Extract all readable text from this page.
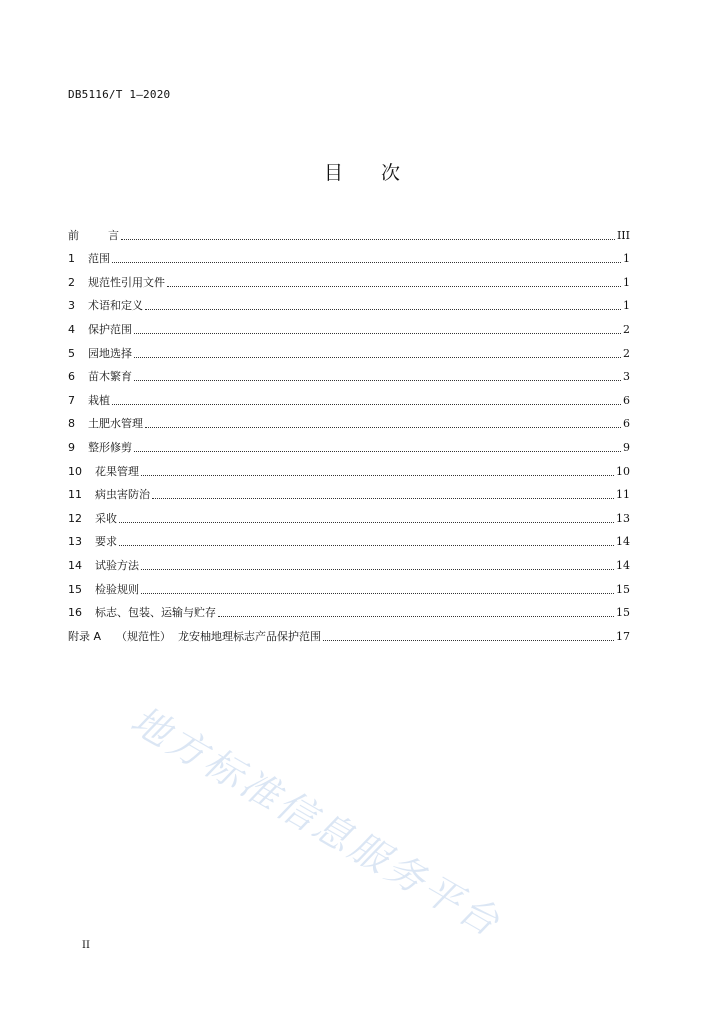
DB5116/T 1—2020
目 次
前	言	III
1	范围	1
2	规范性引用文件	1
3	术语和定义	1
4	保护范围	2
5	园地选择	2
6	苗木繁育	3
7	栽植	6
8	土肥水管理	6
9	整形修剪	9
10	花果管理	10
11	病虫害防治	11
12	采收	13
13	要求	14
14	试验方法	14
15	检验规则	15
16	标志、包装、运输与贮存	15
附录 A	（规范性）  龙安柚地理标志产品保护范围	17
地方标准信息服务平台
II
